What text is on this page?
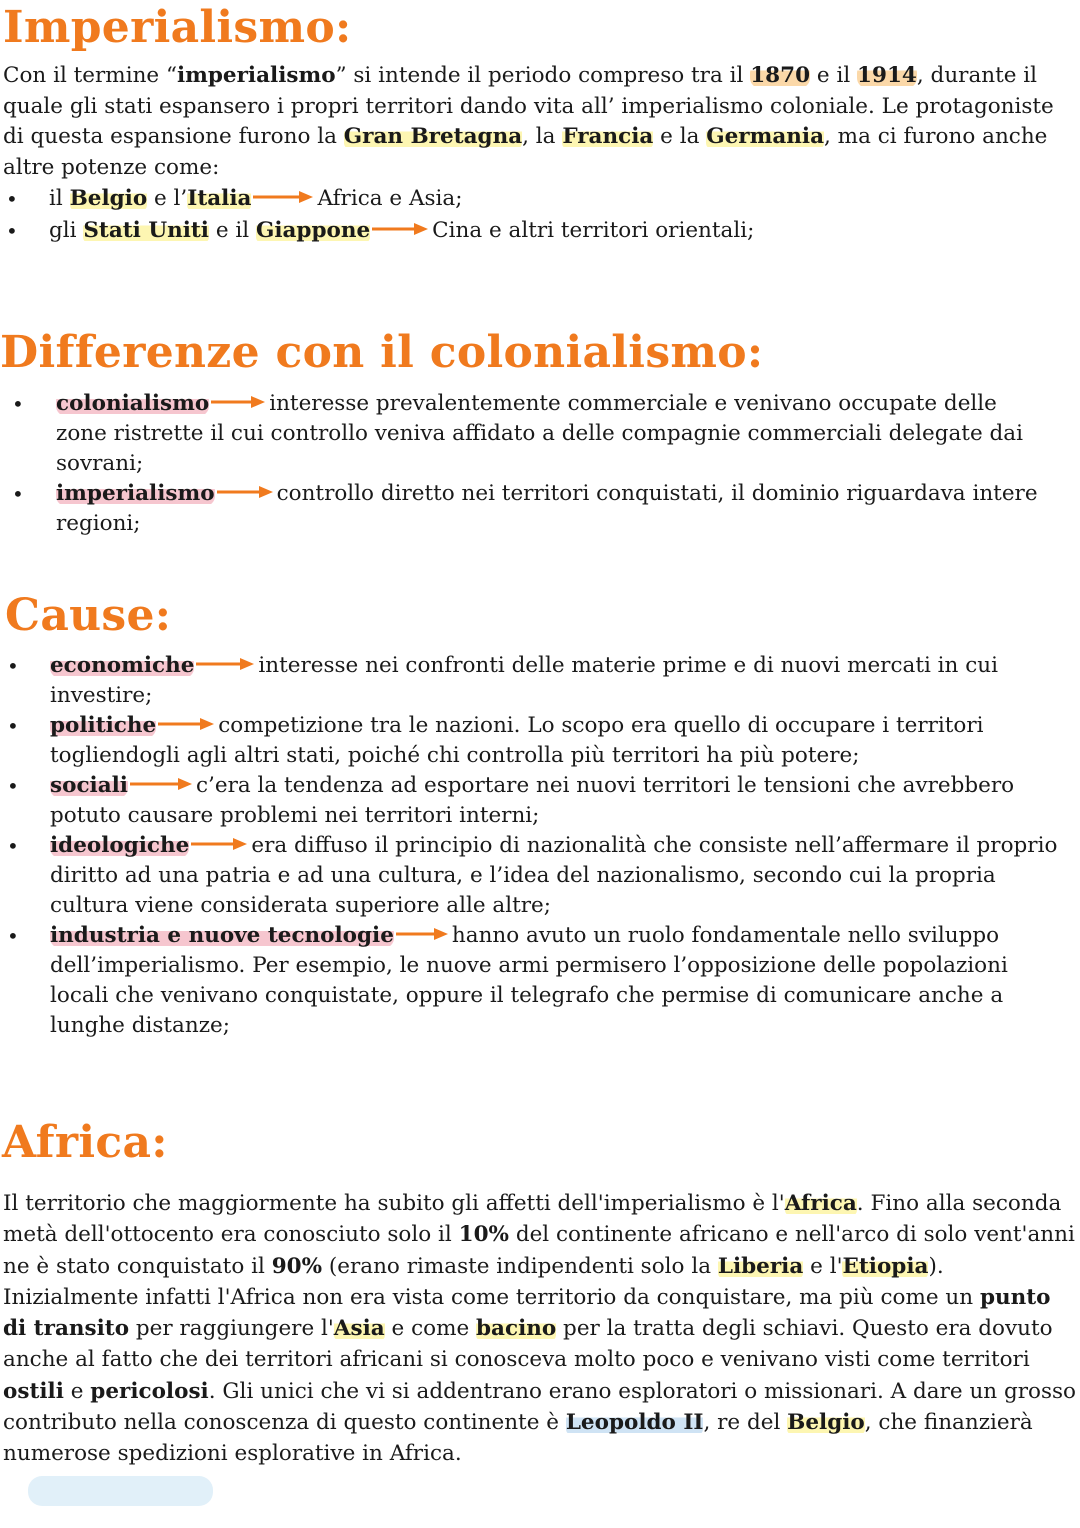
Imperialismo:

Con il termine “imperialismo” si intende il periodo compreso tra il 1870 e il 1914, durante il quale gli stati espansero i propri territori dando vita all’ imperialismo coloniale. Le protagoniste di questa espansione furono la Gran Bretagna, la Francia e la Germania, ma ci furono anche altre potenze come:

• il Belgio e l’Italia	Africa e Asia;
• gli Stati Uniti e il Giappone	Cina e altri territori orientali;
Differenze con il colonialismo:
• colonialismo	interesse prevalentemente commerciale e venivano occupate delle zone ristrette il cui controllo veniva affidato a delle compagnie commerciali delegate dai sovrani;
• imperialismo	controllo diretto nei territori conquistati, il dominio riguardava intere regioni;
Cause:
• economiche	interesse nei confronti delle materie prime e di nuovi mercati in cui investire;
• politiche	competizione tra le nazioni. Lo scopo era quello di occupare i territori togliendogli agli altri stati, poiché chi controlla più territori ha più potere;
• sociali	c’era la tendenza ad esportare nei nuovi territori le tensioni che avrebbero potuto causare problemi nei territori interni;
• ideologiche	era diffuso il principio di nazionalità che consiste nell’affermare il proprio diritto ad una patria e ad una cultura, e l’idea del nazionalismo, secondo cui la propria cultura viene considerata superiore alle altre;
• industria e nuove tecnologie	hanno avuto un ruolo fondamentale nello sviluppo dell’imperialismo. Per esempio, le nuove armi permisero l’opposizione delle popolazioni locali che venivano conquistate, oppure il telegrafo che permise di comunicare anche a lunghe distanze;
Africa:

Il territorio che maggiormente ha subito gli affetti dell'imperialismo è l'Africa. Fino alla seconda metà dell'ottocento era conosciuto solo il 10% del continente africano e nell'arco di solo vent'anni ne è stato conquistato il 90% (erano rimaste indipendenti solo la Liberia e l'Etiopia). Inizialmente infatti l'Africa non era vista come territorio da conquistare, ma più come un punto di transito per raggiungere l'Asia e come bacino per la tratta degli schiavi. Questo era dovuto anche al fatto che dei territori africani si conosceva molto poco e venivano visti come territori ostili e pericolosi. Gli unici che vi si addentrano erano esploratori o missionari. A dare un grosso contributo nella conoscenza di questo continente è Leopoldo II, re del Belgio, che finanzierà numerose spedizioni esplorative in Africa.
